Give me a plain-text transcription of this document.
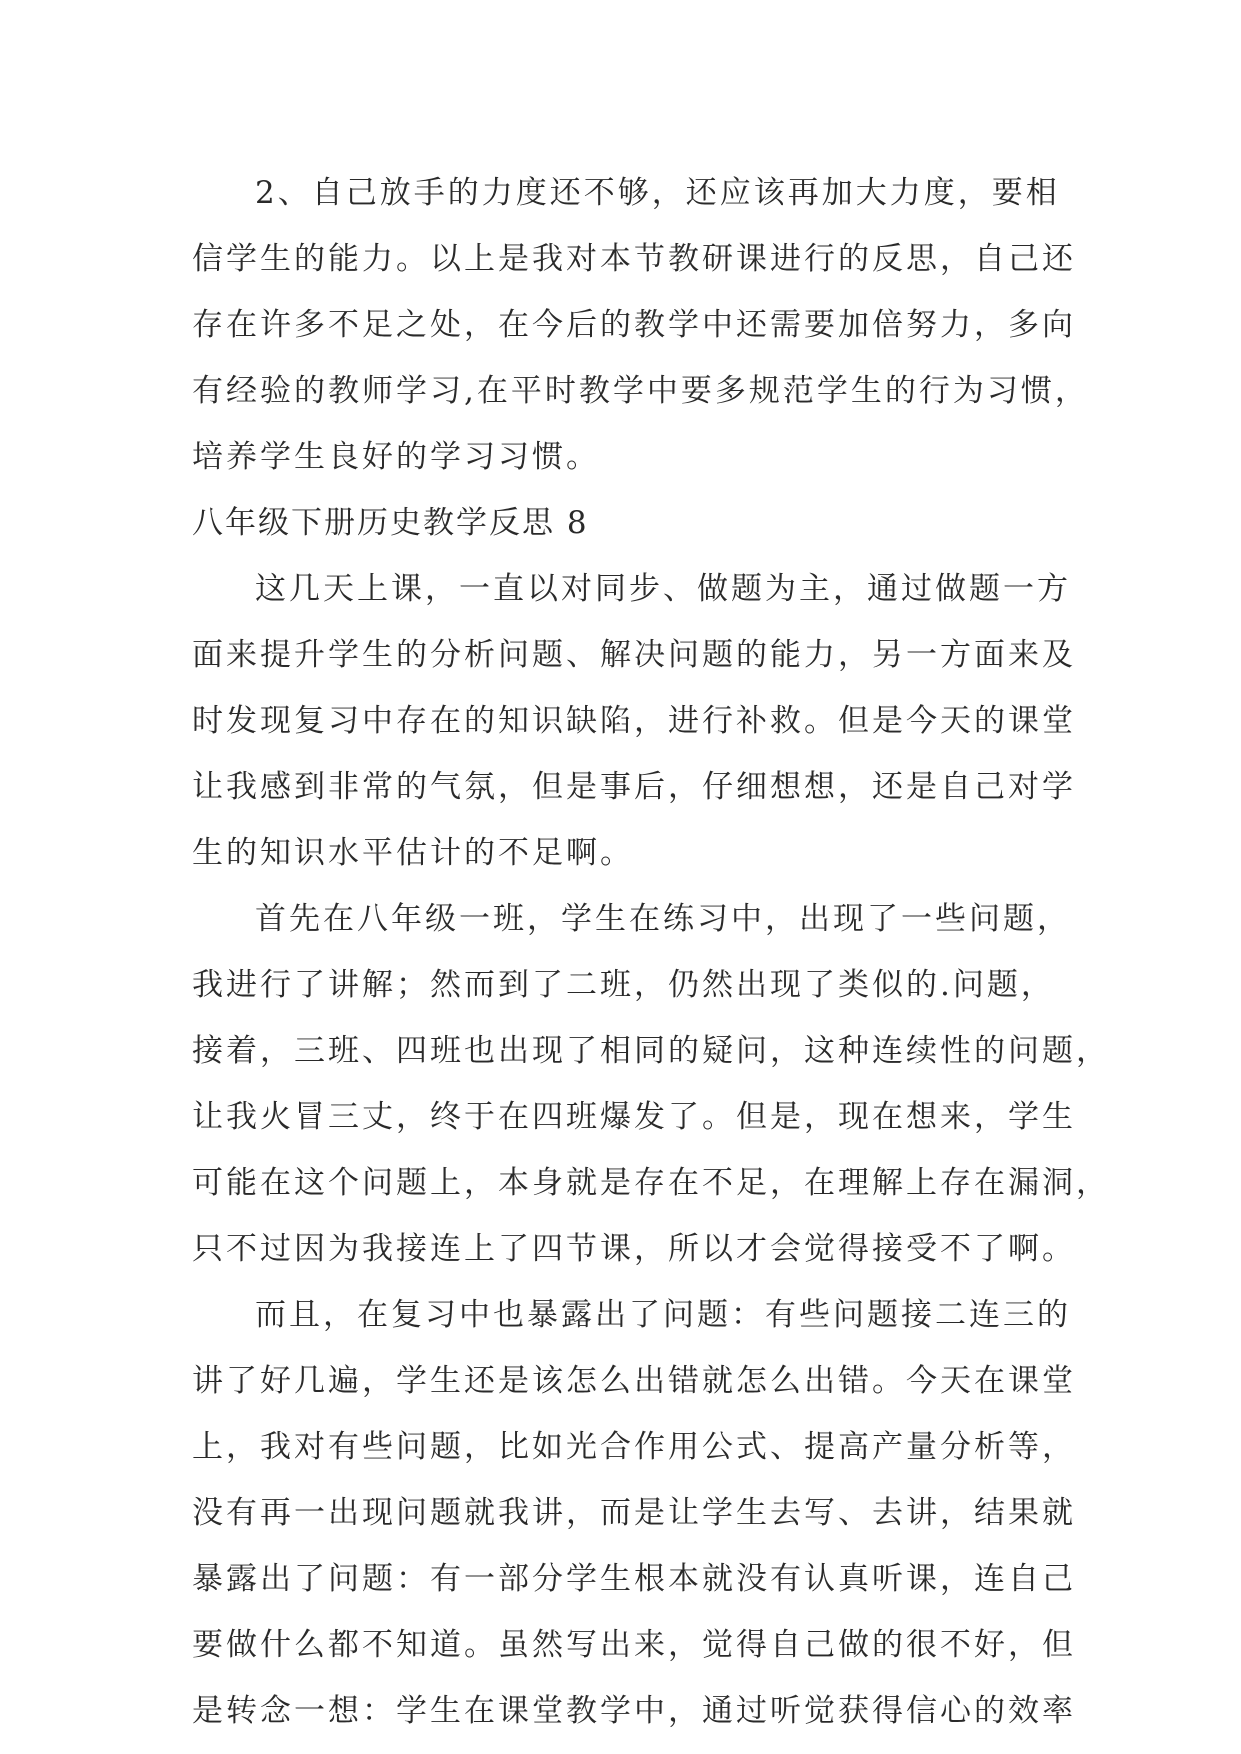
2、自己放手的力度还不够，还应该再加大力度，要相
信学生的能力。以上是我对本节教研课进行的反思，自己还
存在许多不足之处，在今后的教学中还需要加倍努力，多向
有经验的教师学习,在平时教学中要多规范学生的行为习惯，
培养学生良好的学习习惯。
八年级下册历史教学反思 8
这几天上课，一直以对同步、做题为主，通过做题一方
面来提升学生的分析问题、解决问题的能力，另一方面来及
时发现复习中存在的知识缺陷，进行补救。但是今天的课堂
让我感到非常的气氛，但是事后，仔细想想，还是自己对学
生的知识水平估计的不足啊。
首先在八年级一班，学生在练习中，出现了一些问题，
我进行了讲解；然而到了二班，仍然出现了类似的.问题，
接着，三班、四班也出现了相同的疑问，这种连续性的问题，
让我火冒三丈，终于在四班爆发了。但是，现在想来，学生
可能在这个问题上，本身就是存在不足，在理解上存在漏洞，
只不过因为我接连上了四节课，所以才会觉得接受不了啊。
而且，在复习中也暴露出了问题：有些问题接二连三的
讲了好几遍，学生还是该怎么出错就怎么出错。今天在课堂
上，我对有些问题，比如光合作用公式、提高产量分析等，
没有再一出现问题就我讲，而是让学生去写、去讲，结果就
暴露出了问题：有一部分学生根本就没有认真听课，连自己
要做什么都不知道。虽然写出来，觉得自己做的很不好，但
是转念一想：学生在课堂教学中，通过听觉获得信心的效率
